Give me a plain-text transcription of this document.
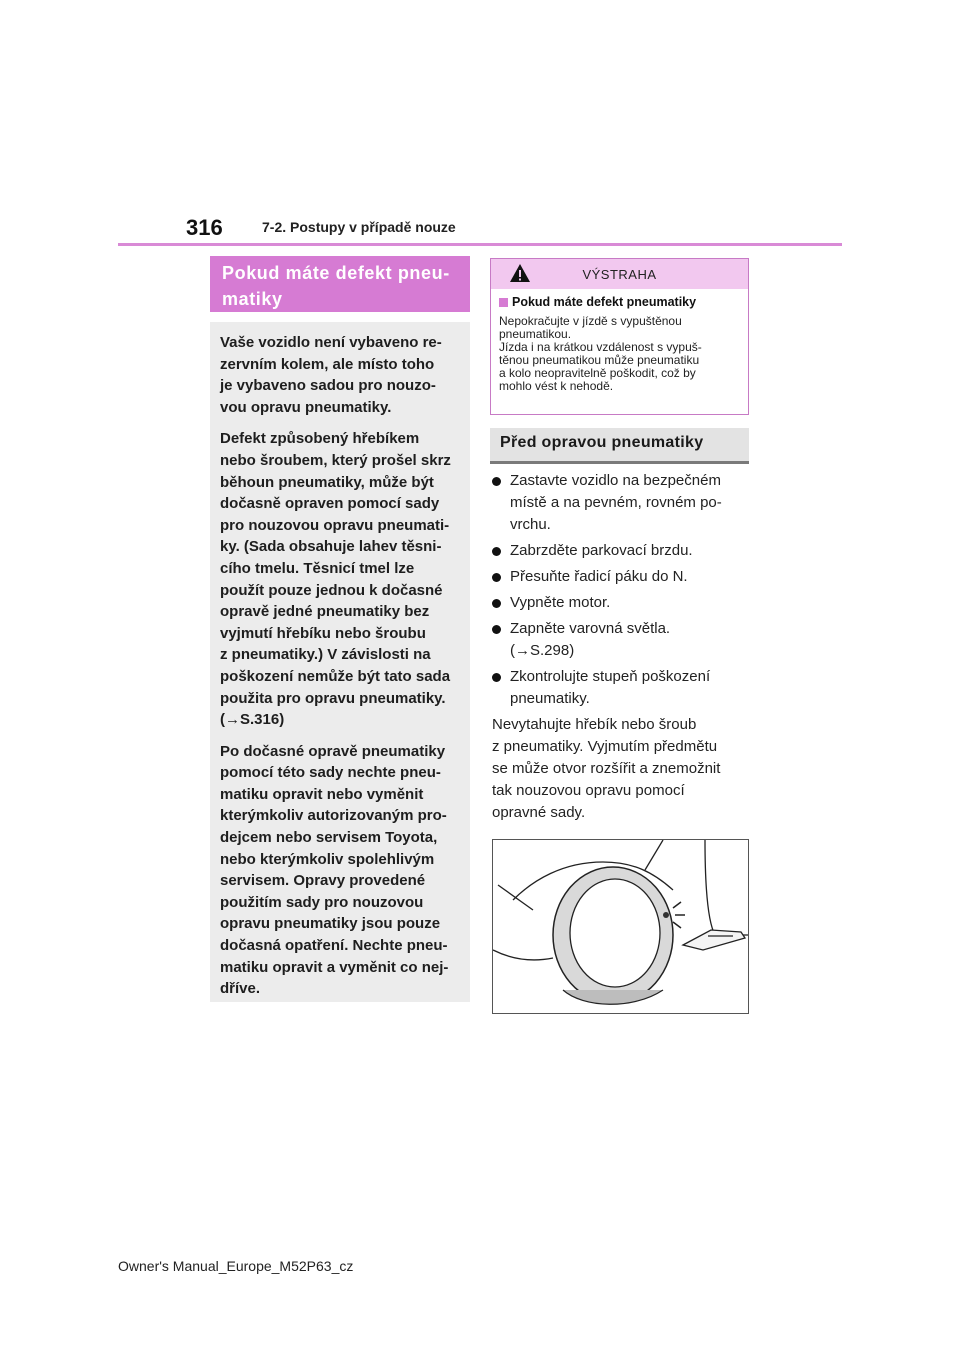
316	7-2. Postupy v případě nouze
Pokud máte defekt pneu-
matiky

Vaše vozidlo není vybaveno re-
zervním kolem, ale místo toho
je vybaveno sadou pro nouzo-
vou opravu pneumatiky.

Defekt způsobený hřebíkem
nebo šroubem, který prošel skrz
běhoun pneumatiky, může být
dočasně opraven pomocí sady
pro nouzovou opravu pneumati-
ky. (Sada obsahuje lahev těsni-
cího tmelu. Těsnicí tmel lze
použít pouze jednou k dočasné
opravě jedné pneumatiky bez
vyjmutí hřebíku nebo šroubu
z pneumatiky.) V závislosti na
poškození nemůže být tato sada
použita pro opravu pneumatiky.
(→S.316)

Po dočasné opravě pneumatiky
pomocí této sady nechte pneu-
matiku opravit nebo vyměnit
kterýmkoliv autorizovaným pro-
dejcem nebo servisem Toyota,
nebo kterýmkoliv spolehlivým
servisem. Opravy provedené
použitím sady pro nouzovou
opravu pneumatiky jsou pouze
dočasná opatření. Nechte pneu-
matiku opravit a vyměnit co nej-
dříve.

VÝSTRAHA
Pokud máte defekt pneumatiky
Nepokračujte v jízdě s vypuštěnou
pneumatikou.
Jízda i na krátkou vzdálenost s vypuš-
těnou pneumatikou může pneumatiku
a kolo neopravitelně poškodit, což by
mohlo vést k nehodě.
Před opravou pneumatiky
Zastavte vozidlo na bezpečném
místě a na pevném, rovném po-
vrchu.
Zabrzděte parkovací brzdu.
Přesuňte řadicí páku do N.
Vypněte motor.
Zapněte varovná světla.
(→S.298)
Zkontrolujte stupeň poškození
pneumatiky.
Nevytahujte hřebík nebo šroub
z pneumatiky. Vyjmutím předmětu
se může otvor rozšířit a znemožnit
tak nouzovou opravu pomocí
opravné sady.
Owner's Manual_Europe_M52P63_cz
